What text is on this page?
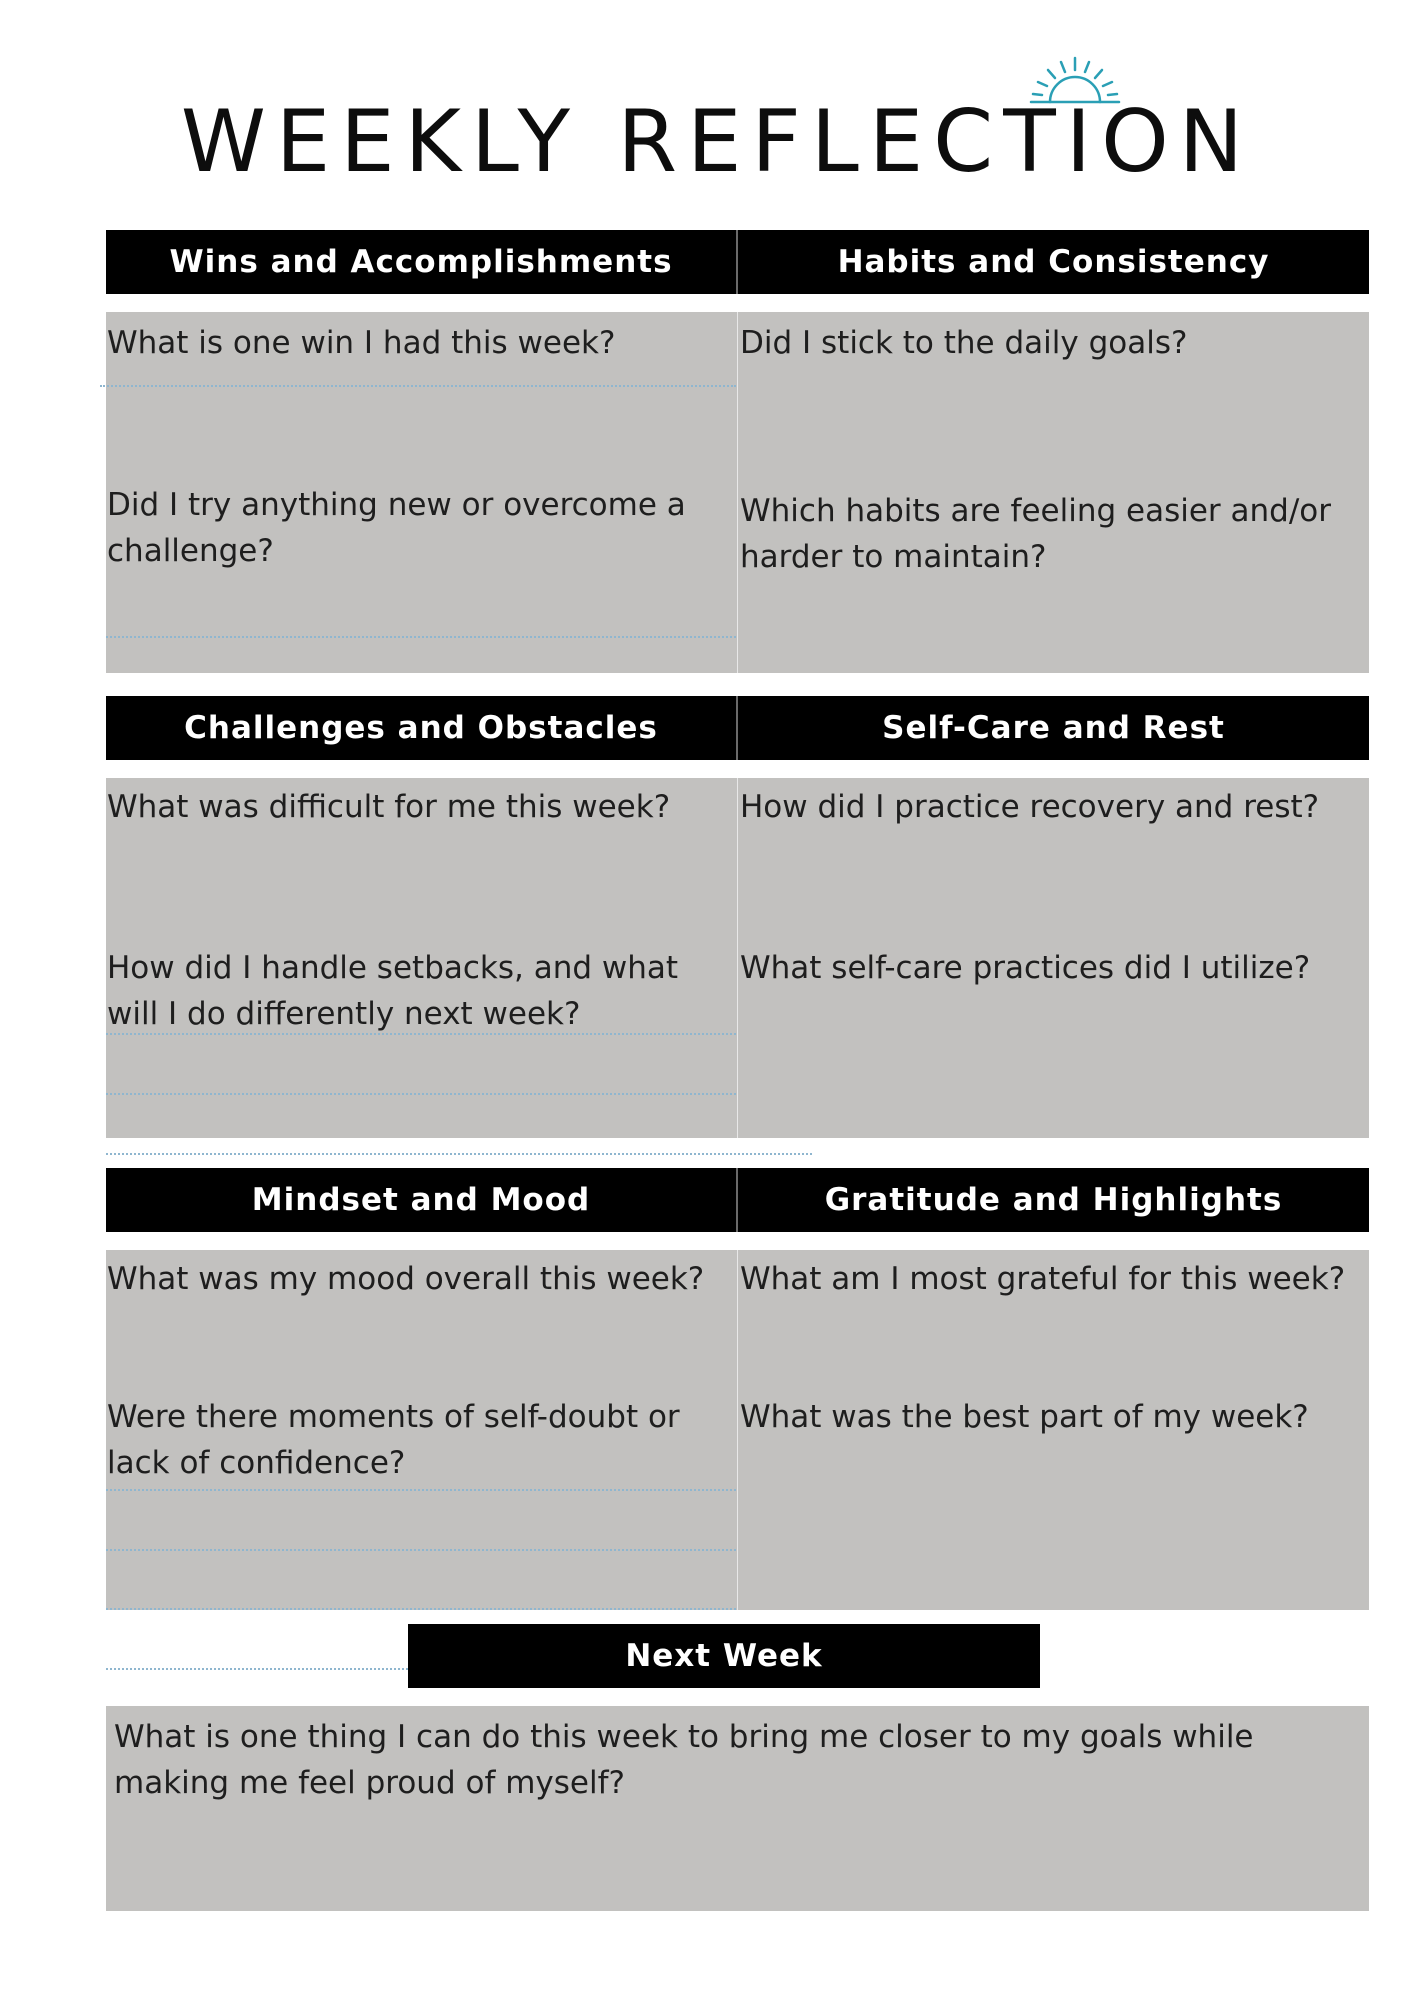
WEEKLY REFLECTION
Wins and Accomplishments	Habits and Consistency

What is one win I had this week?

Did I try anything new or overcome a challenge?

Did I stick to the daily goals?

Which habits are feeling easier and/or harder to maintain?

Challenges and Obstacles	Self-Care and Rest

What was difficult for me this week?

How did I handle setbacks, and what will I do differently next week?

How did I practice recovery and rest?

What self-care practices did I utilize?

Mindset and Mood	Gratitude and Highlights

What was my mood overall this week?

Were there moments of self-doubt or lack of confidence?

What am I most grateful for this week?

What was the best part of my week?

Next Week

What is one thing I can do this week to bring me closer to my goals while making me feel proud of myself?
